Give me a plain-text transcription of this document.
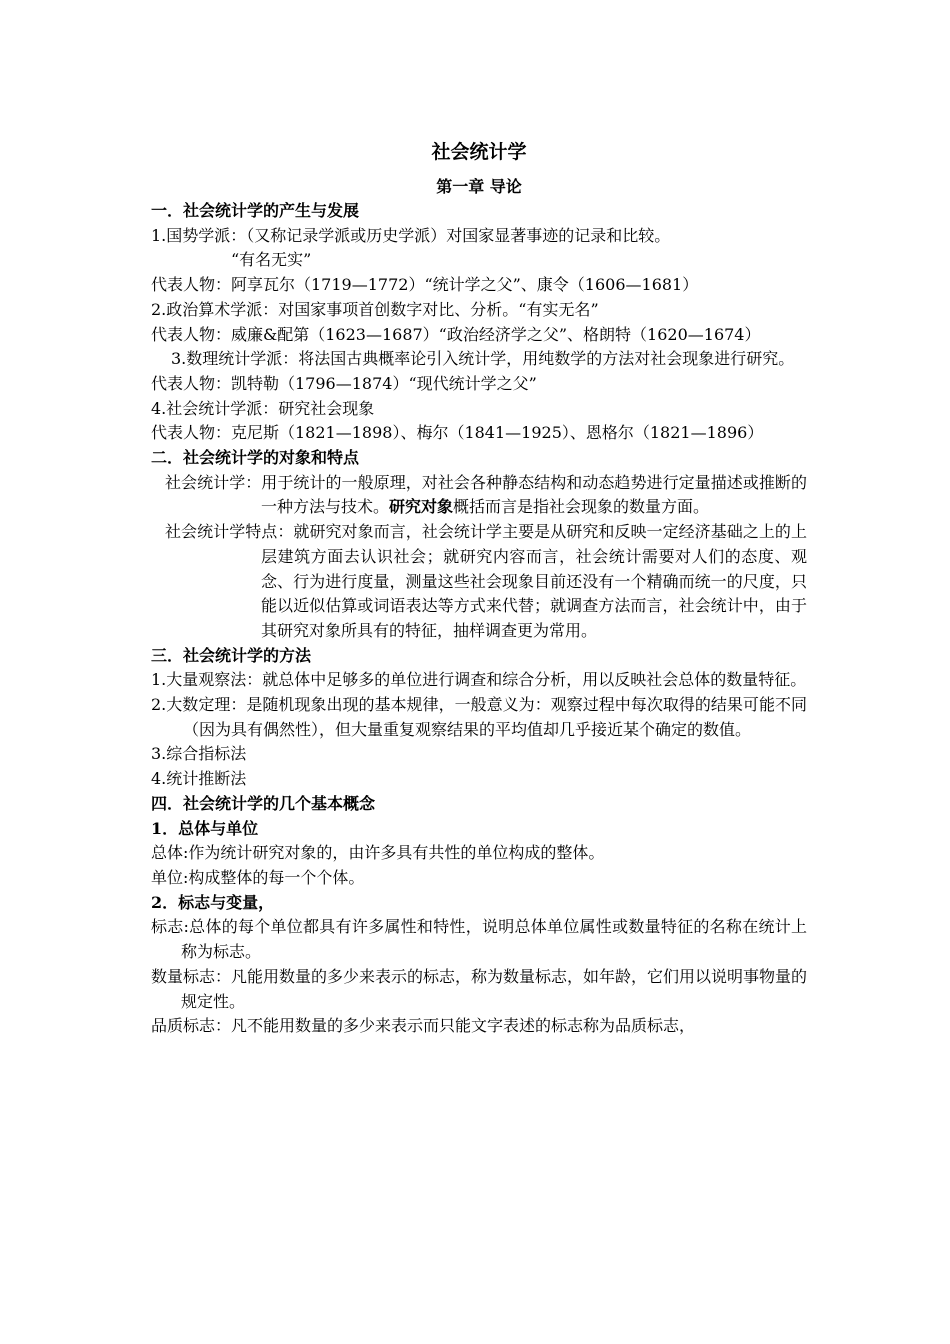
社会统计学
第一章 导论
一．社会统计学的产生与发展
1.国势学派：（又称记录学派或历史学派）对国家显著事迹的记录和比较。
“有名无实”
代表人物：阿享瓦尔（1719—1772）“统计学之父”、康令（1606—1681）
2.政治算术学派：对国家事项首创数字对比、分析。“有实无名”
代表人物：威廉&配第（1623—1687）“政治经济学之父”、格朗特（1620—1674）
3.数理统计学派：将法国古典概率论引入统计学，用纯数学的方法对社会现象进行研究。
代表人物：凯特勒（1796—1874）“现代统计学之父”
4.社会统计学派：研究社会现象
代表人物：克尼斯（1821—1898）、梅尔（1841—1925）、恩格尔（1821—1896）
二．社会统计学的对象和特点
社会统计学：用于统计的一般原理，对社会各种静态结构和动态趋势进行定量描述或推断的一种方法与技术。研究对象概括而言是指社会现象的数量方面。
社会统计学特点：就研究对象而言，社会统计学主要是从研究和反映一定经济基础之上的上层建筑方面去认识社会；就研究内容而言，社会统计需要对人们的态度、观念、行为进行度量，测量这些社会现象目前还没有一个精确而统一的尺度，只能以近似估算或词语表达等方式来代替；就调查方法而言，社会统计中，由于其研究对象所具有的特征，抽样调查更为常用。
三．社会统计学的方法
1.大量观察法：就总体中足够多的单位进行调查和综合分析，用以反映社会总体的数量特征。
2.大数定理：是随机现象出现的基本规律，一般意义为：观察过程中每次取得的结果可能不同（因为具有偶然性），但大量重复观察结果的平均值却几乎接近某个确定的数值。
3.综合指标法
4.统计推断法
四．社会统计学的几个基本概念
1．总体与单位
总体:作为统计研究对象的，由许多具有共性的单位构成的整体。
单位:构成整体的每一个个体。
2．标志与变量，
标志:总体的每个单位都具有许多属性和特性，说明总体单位属性或数量特征的名称在统计上称为标志。
数量标志：凡能用数量的多少来表示的标志，称为数量标志，如年龄，它们用以说明事物量的规定性。
品质标志：凡不能用数量的多少来表示而只能文字表述的标志称为品质标志，
